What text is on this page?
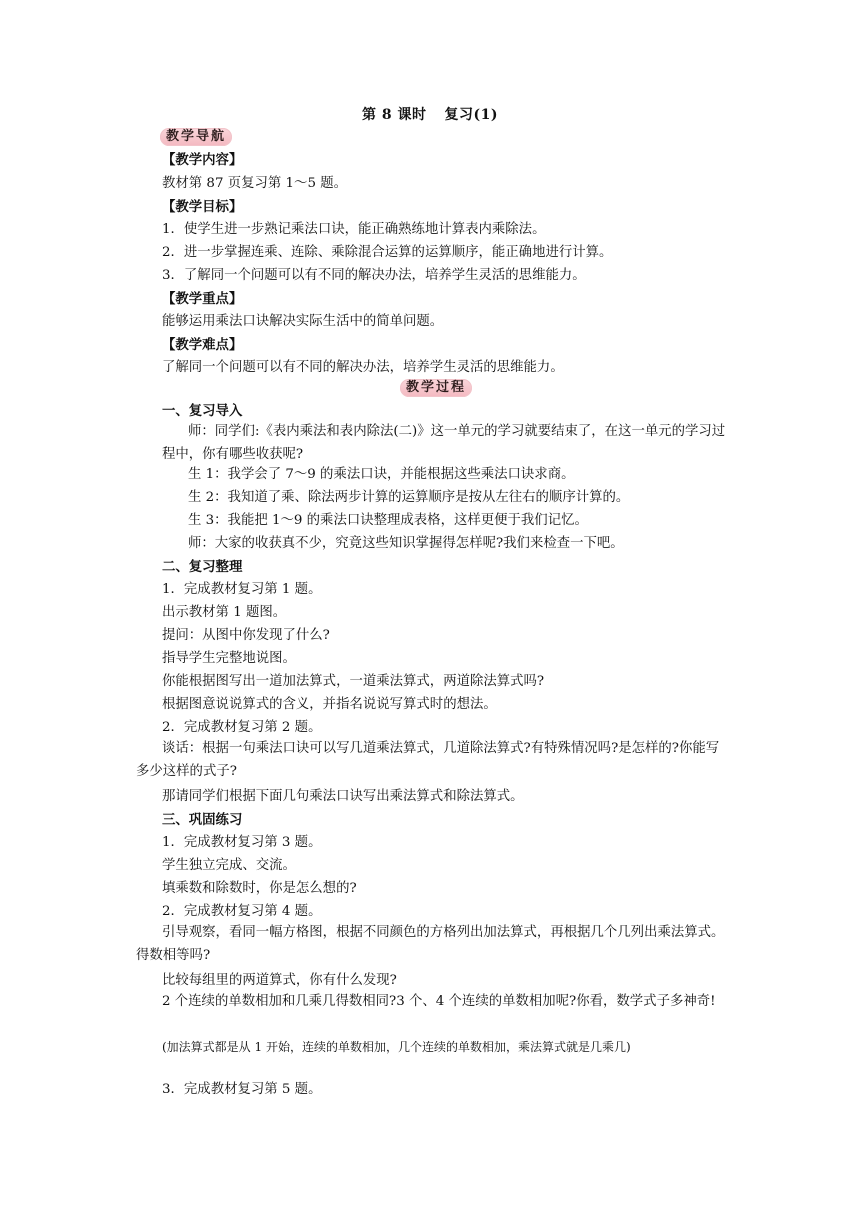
第 8 课时 复习(1)
教学导航
【教学内容】
教材第 87 页复习第 1～5 题。
【教学目标】
1．使学生进一步熟记乘法口诀，能正确熟练地计算表内乘除法。
2．进一步掌握连乘、连除、乘除混合运算的运算顺序，能正确地进行计算。
3．了解同一个问题可以有不同的解决办法，培养学生灵活的思维能力。
【教学重点】
能够运用乘法口诀解决实际生活中的简单问题。
【教学难点】
了解同一个问题可以有不同的解决办法，培养学生灵活的思维能力。
教学过程
一、复习导入
师：同学们:《表内乘法和表内除法(二)》这一单元的学习就要结束了，在这一单元的学习过程中，你有哪些收获呢?
生 1：我学会了 7～9 的乘法口诀，并能根据这些乘法口诀求商。
生 2：我知道了乘、除法两步计算的运算顺序是按从左往右的顺序计算的。
生 3：我能把 1～9 的乘法口诀整理成表格，这样更便于我们记忆。
师：大家的收获真不少，究竟这些知识掌握得怎样呢?我们来检查一下吧。
二、复习整理
1．完成教材复习第 1 题。
出示教材第 1 题图。
提问：从图中你发现了什么?
指导学生完整地说图。
你能根据图写出一道加法算式，一道乘法算式，两道除法算式吗?
根据图意说说算式的含义，并指名说说写算式时的想法。
2．完成教材复习第 2 题。
谈话：根据一句乘法口诀可以写几道乘法算式，几道除法算式?有特殊情况吗?是怎样的?你能写多少这样的式子?
那请同学们根据下面几句乘法口诀写出乘法算式和除法算式。
三、巩固练习
1．完成教材复习第 3 题。
学生独立完成、交流。
填乘数和除数时，你是怎么想的?
2．完成教材复习第 4 题。
引导观察，看同一幅方格图，根据不同颜色的方格列出加法算式，再根据几个几列出乘法算式。得数相等吗?
比较每组里的两道算式，你有什么发现?
2 个连续的单数相加和几乘几得数相同?3 个、4 个连续的单数相加呢?你看，数学式子多神奇!
(加法算式都是从 1 开始，连续的单数相加，几个连续的单数相加，乘法算式就是几乘几)
3．完成教材复习第 5 题。
